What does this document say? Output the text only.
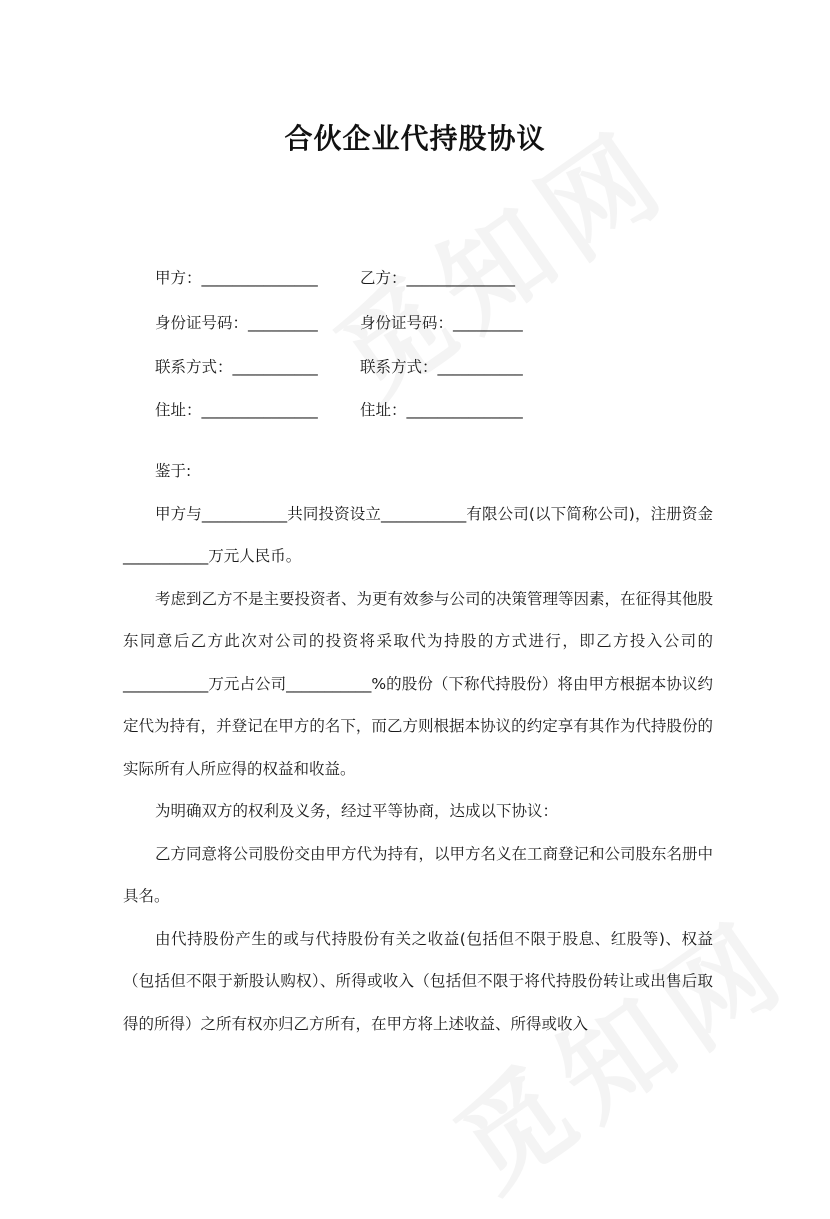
合伙企业代持股协议
甲方：_______________	乙方：______________
身份证号码：_________	身份证号码：_________
联系方式：___________	联系方式：___________
住址：_______________	住址：_______________

鉴于:

甲方与___________共同投资设立___________有限公司(以下简称公司)，注册资金___________万元人民币。

考虑到乙方不是主要投资者、为更有效参与公司的决策管理等因素，在征得其他股东同意后乙方此次对公司的投资将采取代为持股的方式进行，即乙方投入公司的___________万元占公司___________%的股份（下称代持股份）将由甲方根据本协议约定代为持有，并登记在甲方的名下，而乙方则根据本协议的约定享有其作为代持股份的实际所有人所应得的权益和收益。

为明确双方的权利及义务，经过平等协商，达成以下协议：

乙方同意将公司股份交由甲方代为持有，以甲方名义在工商登记和公司股东名册中具名。

由代持股份产生的或与代持股份有关之收益(包括但不限于股息、红股等)、权益（包括但不限于新股认购权）、所得或收入（包括但不限于将代持股份转让或出售后取得的所得）之所有权亦归乙方所有，在甲方将上述收益、所得或收入
